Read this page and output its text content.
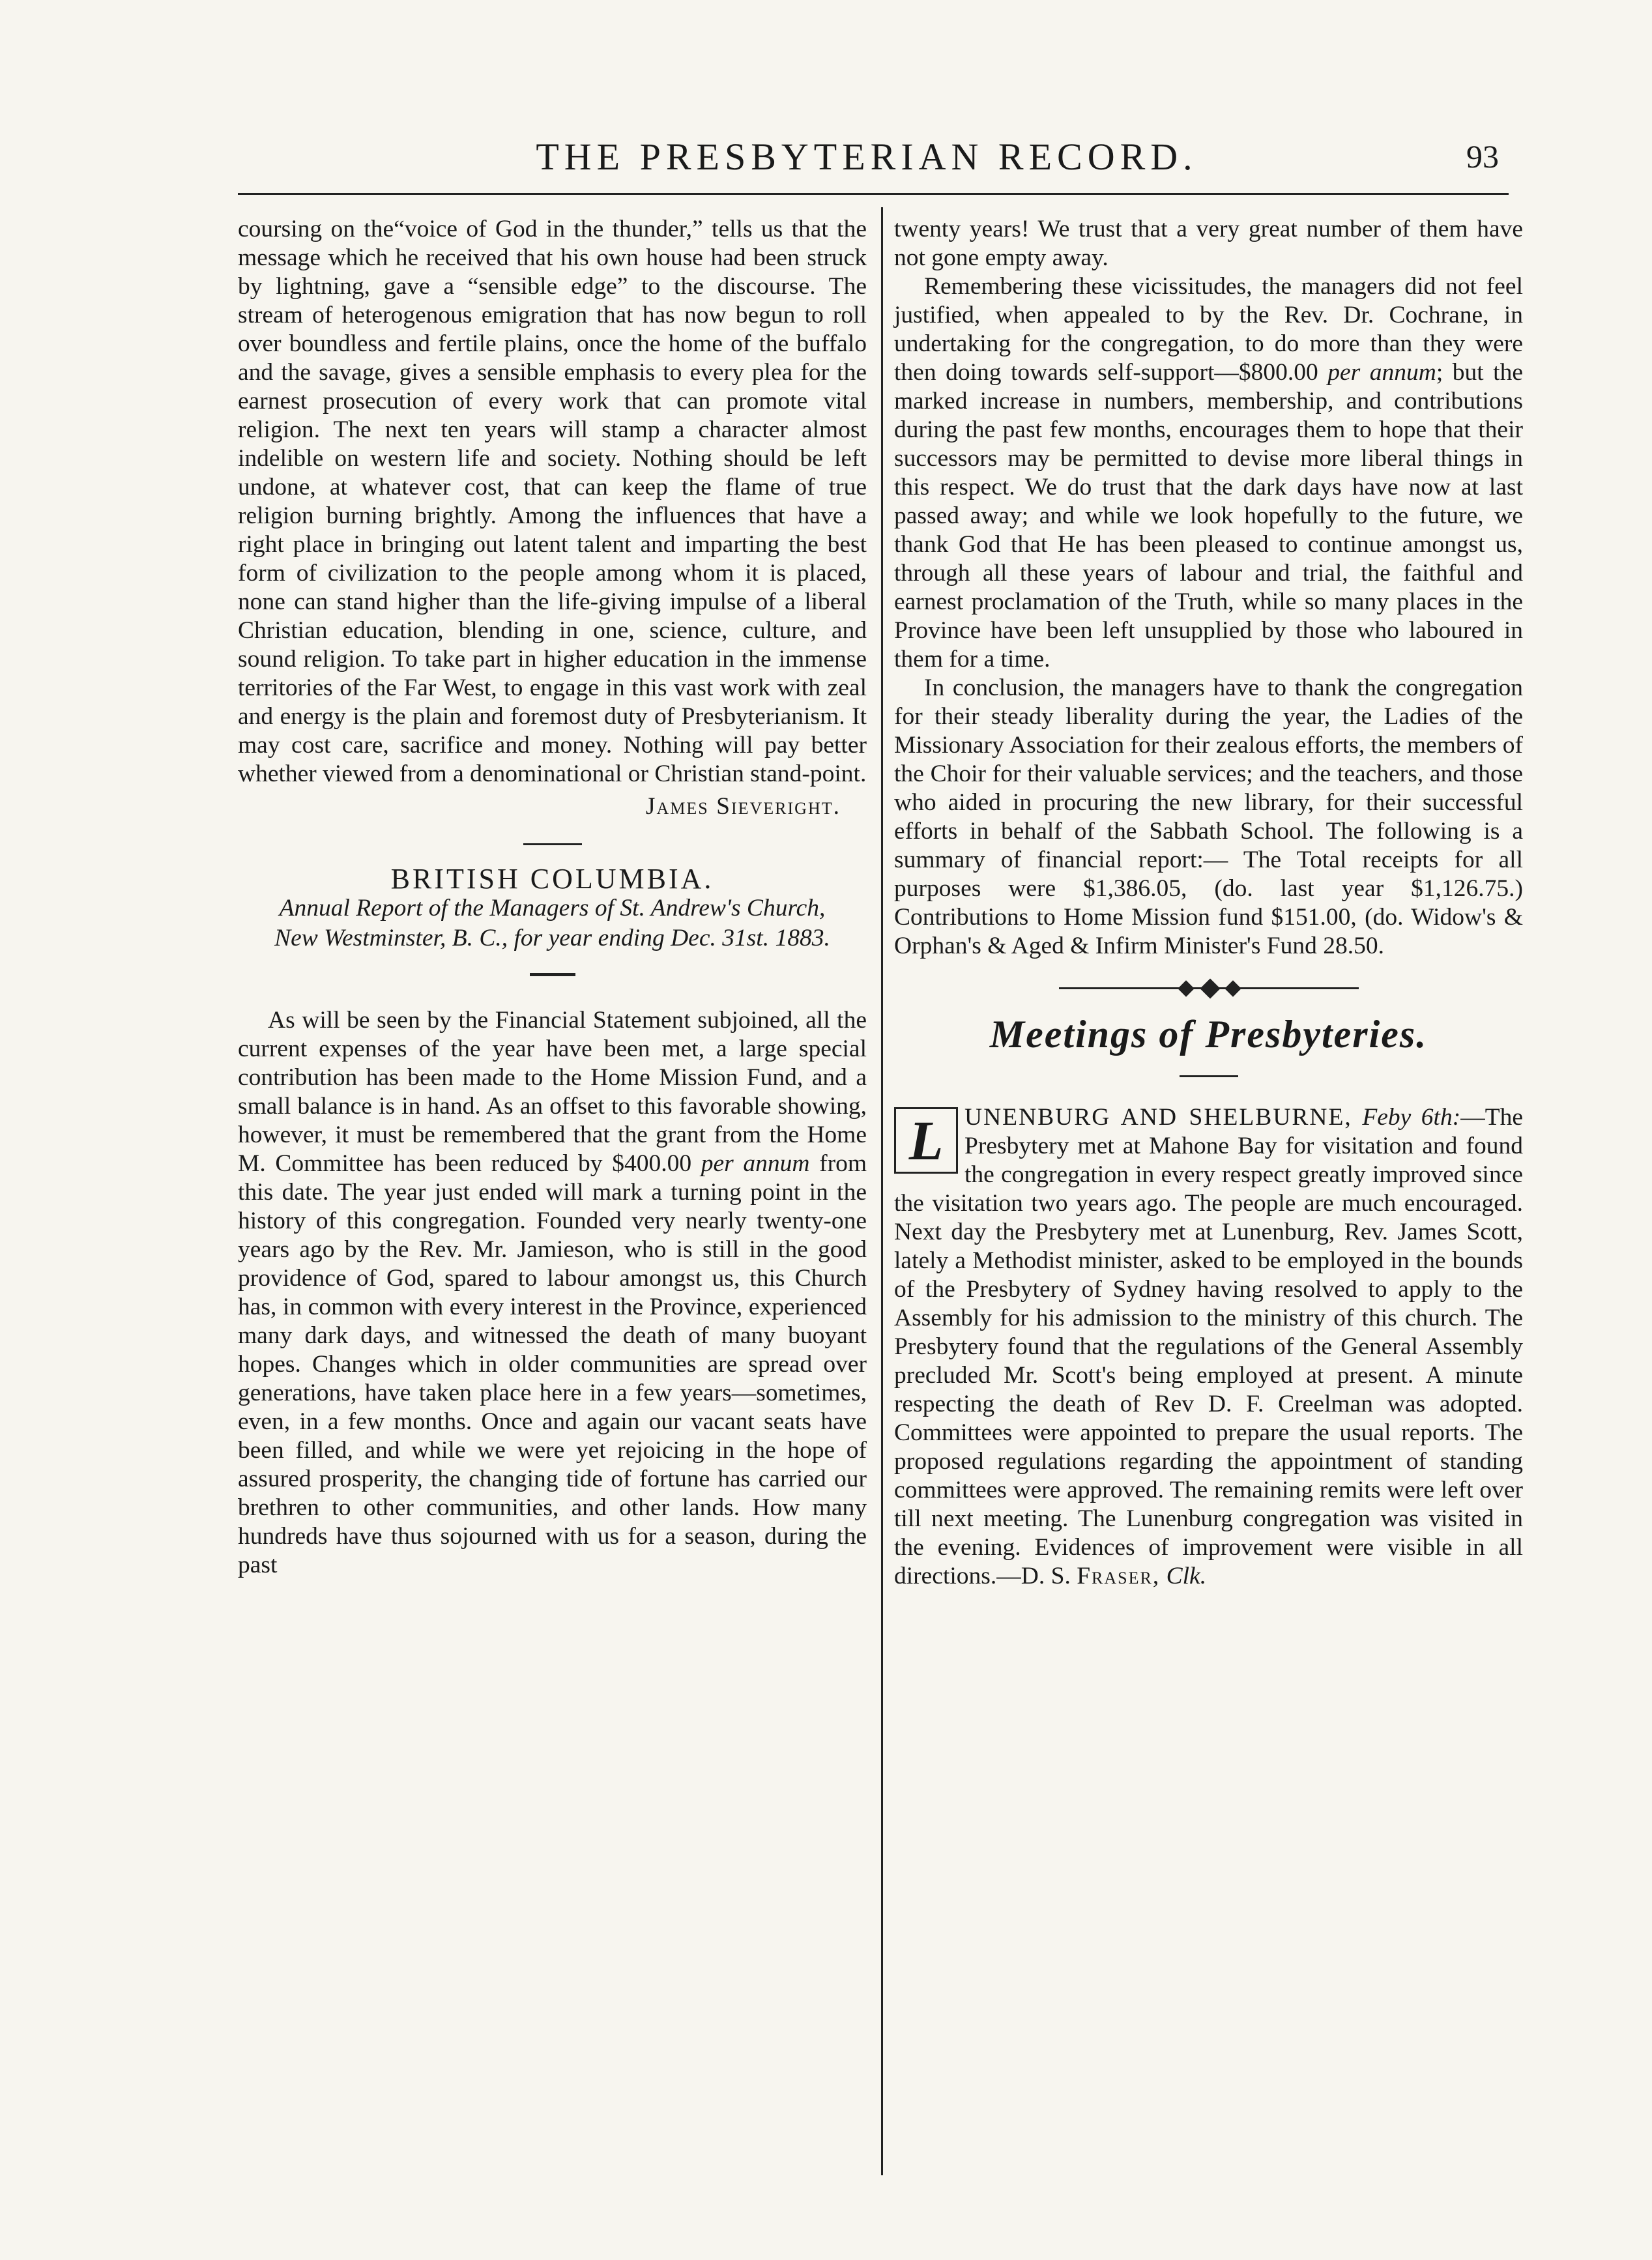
THE PRESBYTERIAN RECORD.	93

coursing on the“voice of God in the thunder,” tells us that the message which he received that his own house had been struck by lightning, gave a “sensible edge” to the discourse. The stream of heterogenous emigration that has now begun to roll over boundless and fertile plains, once the home of the buffalo and the savage, gives a sensible emphasis to every plea for the earnest prosecution of every work that can promote vital religion. The next ten years will stamp a character almost indelible on western life and society. Nothing should be left undone, at whatever cost, that can keep the flame of true religion burning brightly. Among the influences that have a right place in bringing out latent talent and imparting the best form of civilization to the people among whom it is placed, none can stand higher than the life-giving impulse of a liberal Christian education, blending in one, science, culture, and sound religion. To take part in higher education in the immense territories of the Far West, to engage in this vast work with zeal and energy is the plain and foremost duty of Presbyterianism. It may cost care, sacrifice and money. Nothing will pay better whether viewed from a denominational or Christian stand-point.

James Sieveright.

BRITISH COLUMBIA.

Annual Report of the Managers of St. Andrew's Church, New Westminster, B. C., for year ending Dec. 31st. 1883.

As will be seen by the Financial Statement subjoined, all the current expenses of the year have been met, a large special contribution has been made to the Home Mission Fund, and a small balance is in hand. As an offset to this favorable showing, however, it must be remembered that the grant from the Home M. Committee has been reduced by $400.00 per annum from this date. The year just ended will mark a turning point in the history of this congregation. Founded very nearly twenty-one years ago by the Rev. Mr. Jamieson, who is still in the good providence of God, spared to labour amongst us, this Church has, in common with every interest in the Province, experienced many dark days, and witnessed the death of many buoyant hopes. Changes which in older communities are spread over generations, have taken place here in a few years—sometimes, even, in a few months. Once and again our vacant seats have been filled, and while we were yet rejoicing in the hope of assured prosperity, the changing tide of fortune has carried our brethren to other communities, and other lands. How many hundreds have thus sojourned with us for a season, during the past

twenty years! We trust that a very great number of them have not gone empty away.

Remembering these vicissitudes, the managers did not feel justified, when appealed to by the Rev. Dr. Cochrane, in undertaking for the congregation, to do more than they were then doing towards self-support—$800.00 per annum; but the marked increase in numbers, membership, and contributions during the past few months, encourages them to hope that their successors may be permitted to devise more liberal things in this respect. We do trust that the dark days have now at last passed away; and while we look hopefully to the future, we thank God that He has been pleased to continue amongst us, through all these years of labour and trial, the faithful and earnest proclamation of the Truth, while so many places in the Province have been left unsupplied by those who laboured in them for a time.

In conclusion, the managers have to thank the congregation for their steady liberality during the year, the Ladies of the Missionary Association for their zealous efforts, the members of the Choir for their valuable services; and the teachers, and those who aided in procuring the new library, for their successful efforts in behalf of the Sabbath School. The following is a summary of financial report:— The Total receipts for all purposes were $1,386.05, (do. last year $1,126.75.) Contributions to Home Mission fund $151.00, (do. Widow's & Orphan's & Aged & Infirm Minister's Fund 28.50.

Meetings of Presbyteries.

L UNENBURG AND SHELBURNE, Feby 6th:—The Presbytery met at Mahone Bay for visitation and found the congregation in every respect greatly improved since the visitation two years ago. The people are much encouraged. Next day the Presbytery met at Lunenburg, Rev. James Scott, lately a Methodist minister, asked to be employed in the bounds of the Presbytery of Sydney having resolved to apply to the Assembly for his admission to the ministry of this church. The Presbytery found that the regulations of the General Assembly precluded Mr. Scott's being employed at present. A minute respecting the death of Rev D. F. Creelman was adopted. Committees were appointed to prepare the usual reports. The proposed regulations regarding the appointment of standing committees were approved. The remaining remits were left over till next meeting. The Lunenburg congregation was visited in the evening. Evidences of improvement were visible in all directions.—D. S. Fraser, Clk.
